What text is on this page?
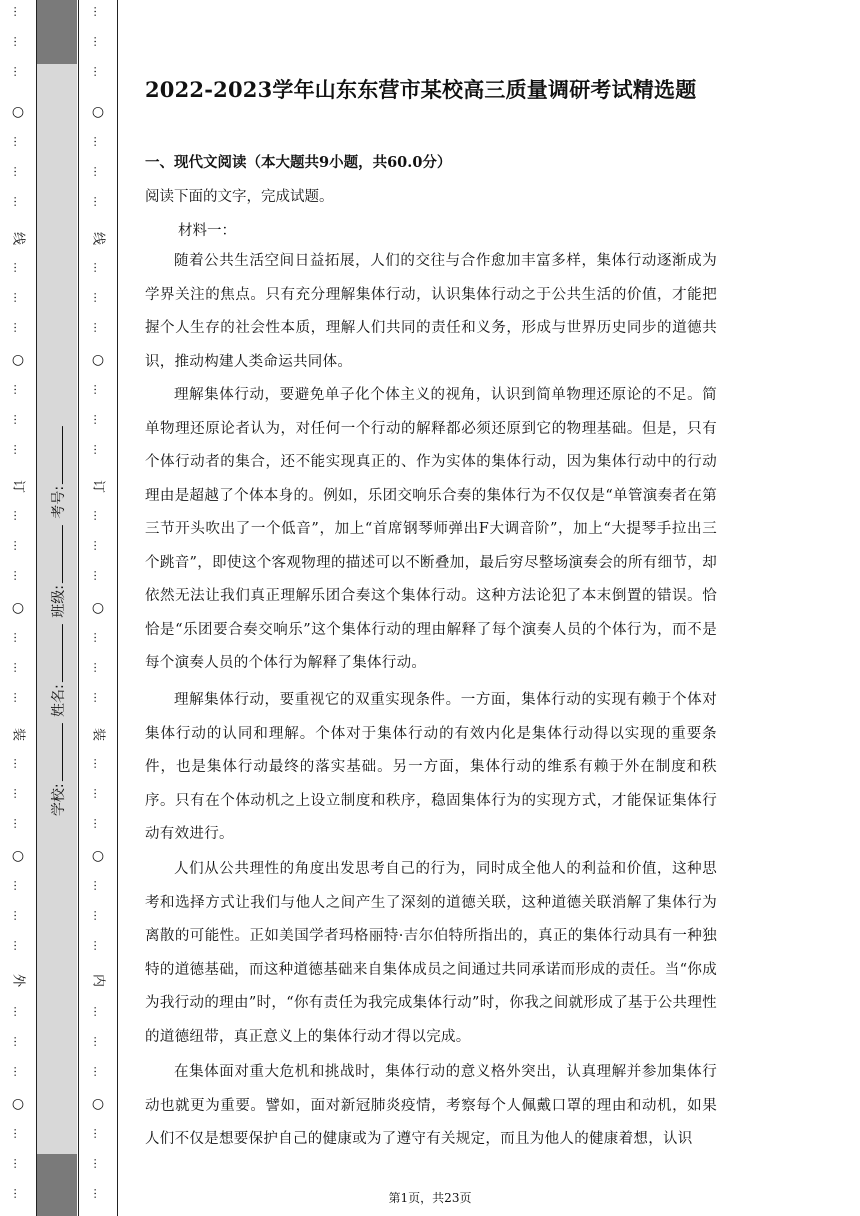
…
…
…
○
…
…
…
线
…
…
…
○
…
…
…
订
…
…
…
○
…
…
…
装
…
…
…
○
…
…
…
外
…
…
…
○
…
…
…
…
…
…
○
…
…
…
线
…
…
…
○
…
…
…
订
…
…
…
○
…
…
…
装
…
…
…
○
…
…
…
内
…
…
…
○
…
…
…
学校: 姓名: 班级: 考号:
2022-2023学年山东东营市某校高三质量调研考试精选题
一、现代文阅读（本大题共9小题，共60.0分）
阅读下面的文字，完成试题。
材料一：

随着公共生活空间日益拓展，人们的交往与合作愈加丰富多样，集体行动逐渐成为学界关注的焦点。只有充分理解集体行动，认识集体行动之于公共生活的价值，才能把握个人生存的社会性本质，理解人们共同的责任和义务，形成与世界历史同步的道德共识，推动构建人类命运共同体。

理解集体行动，要避免单子化个体主义的视角，认识到简单物理还原论的不足。简单物理还原论者认为，对任何一个行动的解释都必须还原到它的物理基础。但是，只有个体行动者的集合，还不能实现真正的、作为实体的集体行动，因为集体行动中的行动理由是超越了个体本身的。例如，乐团交响乐合奏的集体行为不仅仅是“单管演奏者在第三节开头吹出了一个低音”，加上“首席钢琴师弹出F大调音阶”，加上“大提琴手拉出三个跳音”，即使这个客观物理的描述可以不断叠加，最后穷尽整场演奏会的所有细节，却依然无法让我们真正理解乐团合奏这个集体行动。这种方法论犯了本末倒置的错误。恰恰是“乐团要合奏交响乐”这个集体行动的理由解释了每个演奏人员的个体行为，而不是每个演奏人员的个体行为解释了集体行动。

理解集体行动，要重视它的双重实现条件。一方面，集体行动的实现有赖于个体对集体行动的认同和理解。个体对于集体行动的有效内化是集体行动得以实现的重要条件，也是集体行动最终的落实基础。另一方面，集体行动的维系有赖于外在制度和秩序。只有在个体动机之上设立制度和秩序，稳固集体行为的实现方式，才能保证集体行动有效进行。

人们从公共理性的角度出发思考自己的行为，同时成全他人的利益和价值，这种思考和选择方式让我们与他人之间产生了深刻的道德关联，这种道德关联消解了集体行为离散的可能性。正如美国学者玛格丽特·吉尔伯特所指出的，真正的集体行动具有一种独特的道德基础，而这种道德基础来自集体成员之间通过共同承诺而形成的责任。当“你成为我行动的理由”时，“你有责任为我完成集体行动”时，你我之间就形成了基于公共理性的道德纽带，真正意义上的集体行动才得以完成。

在集体面对重大危机和挑战时，集体行动的意义格外突出，认真理解并参加集体行动也就更为重要。譬如，面对新冠肺炎疫情，考察每个人佩戴口罩的理由和动机，如果人们不仅是想要保护自己的健康或为了遵守有关规定，而且为他人的健康着想，认识

第1页，共23页
